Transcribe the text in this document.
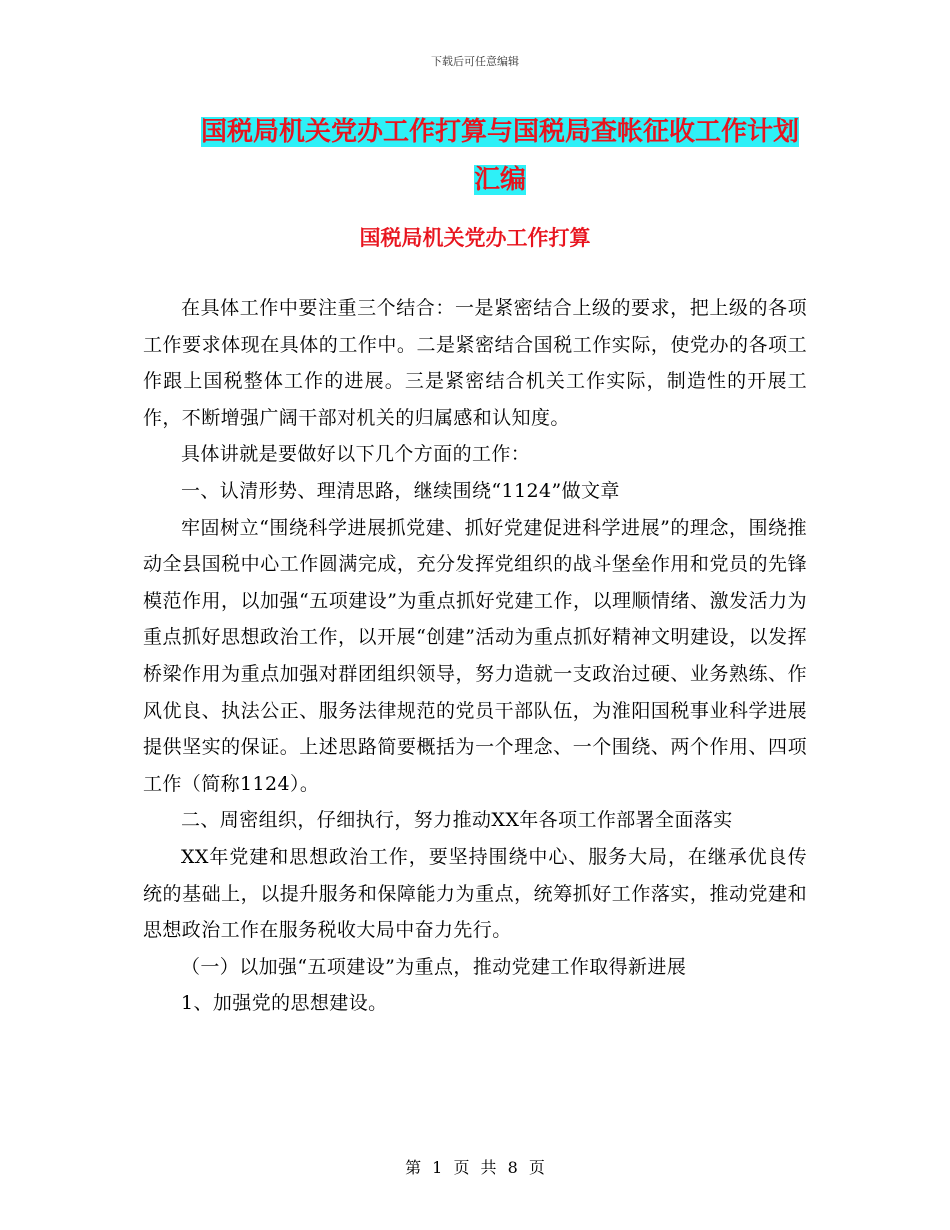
下载后可任意编辑
国税局机关党办工作打算与国税局查帐征收工作计划
汇编
国税局机关党办工作打算

在具体工作中要注重三个结合：一是紧密结合上级的要求，把上级的各项工作要求体现在具体的工作中。二是紧密结合国税工作实际，使党办的各项工作跟上国税整体工作的进展。三是紧密结合机关工作实际，制造性的开展工作，不断增强广阔干部对机关的归属感和认知度。

具体讲就是要做好以下几个方面的工作：

一、认清形势、理清思路，继续围绕“1124”做文章

牢固树立“围绕科学进展抓党建、抓好党建促进科学进展”的理念，围绕推动全县国税中心工作圆满完成，充分发挥党组织的战斗堡垒作用和党员的先锋模范作用，以加强“五项建设”为重点抓好党建工作，以理顺情绪、激发活力为重点抓好思想政治工作，以开展“创建”活动为重点抓好精神文明建设，以发挥桥梁作用为重点加强对群团组织领导，努力造就一支政治过硬、业务熟练、作风优良、执法公正、服务法律规范的党员干部队伍，为淮阳国税事业科学进展提供坚实的保证。上述思路简要概括为一个理念、一个围绕、两个作用、四项工作（简称1124）。

二、周密组织，仔细执行，努力推动XX年各项工作部署全面落实

XX年党建和思想政治工作，要坚持围绕中心、服务大局，在继承优良传统的基础上，以提升服务和保障能力为重点，统筹抓好工作落实，推动党建和思想政治工作在服务税收大局中奋力先行。

（一）以加强“五项建设”为重点，推动党建工作取得新进展

1、加强党的思想建设。

第 1 页 共 8 页
